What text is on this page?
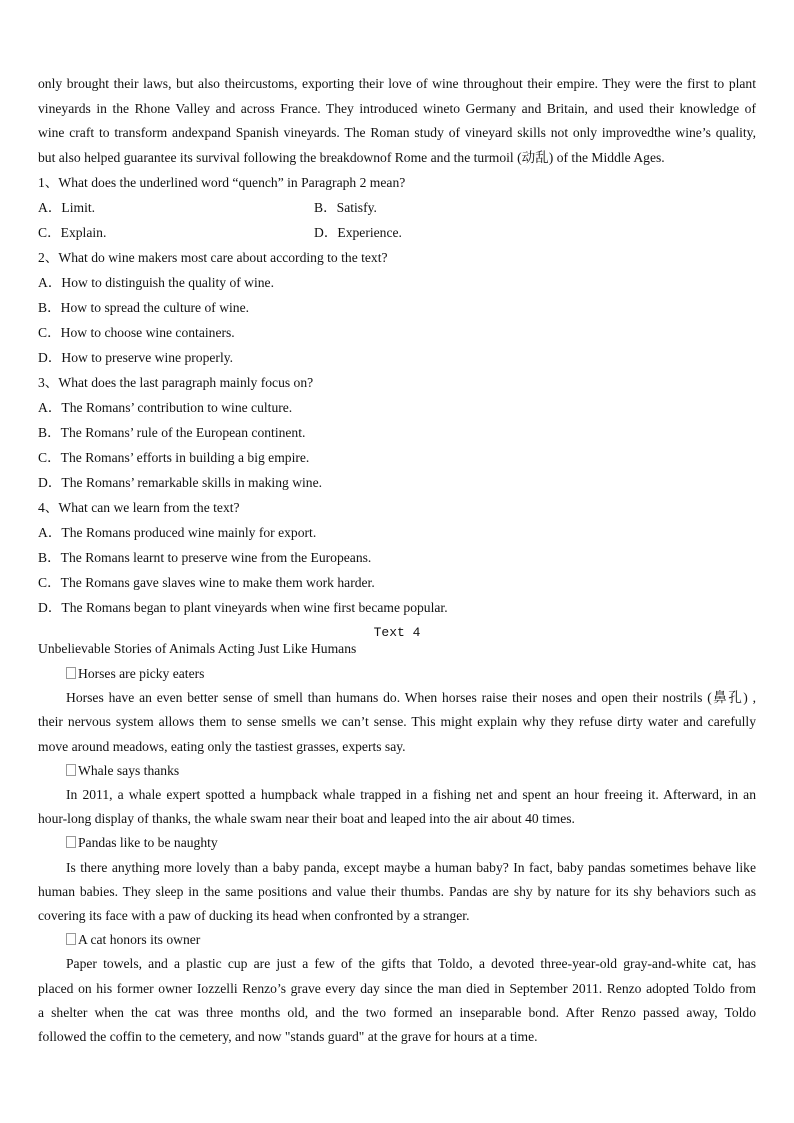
only brought their laws, but also theircustoms, exporting their love of wine throughout their empire. They were the first to plant
vineyards in the Rhone Valley and across France. They introduced wineto Germany and Britain, and used their knowledge of
wine craft to transform andexpand Spanish vineyards. The Roman study of vineyard skills not only improvedthe wine’s quality,
but also helped guarantee its survival following the breakdownof Rome and the turmoil (动乱) of the Middle Ages.
1、What does the underlined word “quench” in Paragraph 2 mean?
A．Limit.	B．Satisfy.
C．Explain.	D．Experience.
2、What do wine makers most care about according to the text?
A．How to distinguish the quality of wine.
B．How to spread the culture of wine.
C．How to choose wine containers.
D．How to preserve wine properly.
3、What does the last paragraph mainly focus on?
A．The Romans’ contribution to wine culture.
B．The Romans’ rule of the European continent.
C．The Romans’ efforts in building a big empire.
D．The Romans’ remarkable skills in making wine.
4、What can we learn from the text?
A．The Romans produced wine mainly for export.
B．The Romans learnt to preserve wine from the Europeans.
C．The Romans gave slaves wine to make them work harder.
D．The Romans began to plant vineyards when wine first became popular.
Text 4
Unbelievable Stories of Animals Acting Just Like Humans
Horses are picky eaters
Horses have an even better sense of smell than humans do. When horses raise their noses and open their nostrils (鼻孔) ,
their nervous system allows them to sense smells we can’t sense. This might explain why they refuse dirty water and carefully
move around meadows, eating only the tastiest grasses, experts say.
Whale says thanks
In 2011, a whale expert spotted a humpback whale trapped in a fishing net and spent an hour freeing it. Afterward, in an
hour-long display of thanks, the whale swam near their boat and leaped into the air about 40 times.
Pandas like to be naughty
Is there anything more lovely than a baby panda, except maybe a human baby? In fact, baby pandas sometimes behave like
human babies. They sleep in the same positions and value their thumbs. Pandas are shy by nature for its shy behaviors such as
covering its face with a paw of ducking its head when confronted by a stranger.
A cat honors its owner
Paper towels, and a plastic cup are just a few of the gifts that Toldo, a devoted three-year-old gray-and-white cat, has
placed on his former owner Iozzelli Renzo’s grave every day since the man died in September 2011. Renzo adopted Toldo from
a shelter when the cat was three months old, and the two formed an inseparable bond. After Renzo passed away, Toldo
followed the coffin to the cemetery, and now "stands guard" at the grave for hours at a time.
